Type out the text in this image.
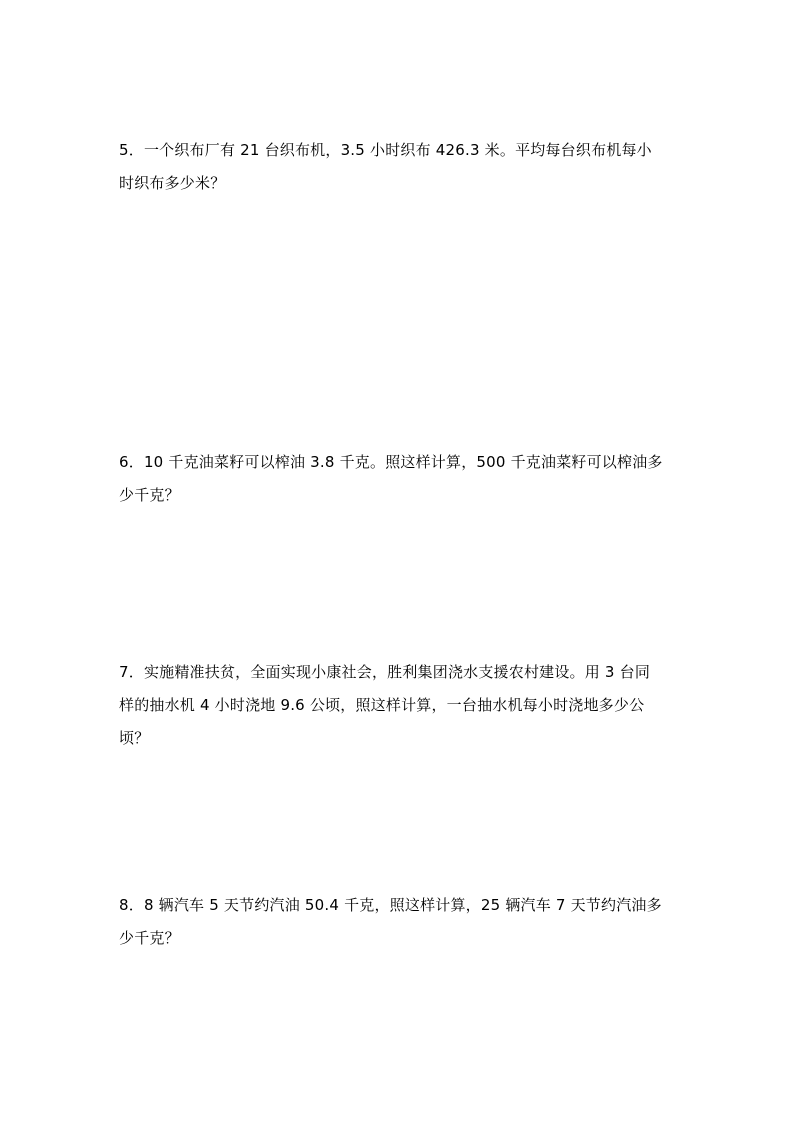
5．一个织布厂有 21 台织布机，3.5 小时织布 426.3 米。平均每台织布机每小
时织布多少米？
6．10 千克油菜籽可以榨油 3.8 千克。照这样计算，500 千克油菜籽可以榨油多
少千克？
7．实施精准扶贫，全面实现小康社会，胜利集团浇水支援农村建设。用 3 台同
样的抽水机 4 小时浇地 9.6 公顷，照这样计算，一台抽水机每小时浇地多少公
顷？
8．8 辆汽车 5 天节约汽油 50.4 千克，照这样计算，25 辆汽车 7 天节约汽油多
少千克？
